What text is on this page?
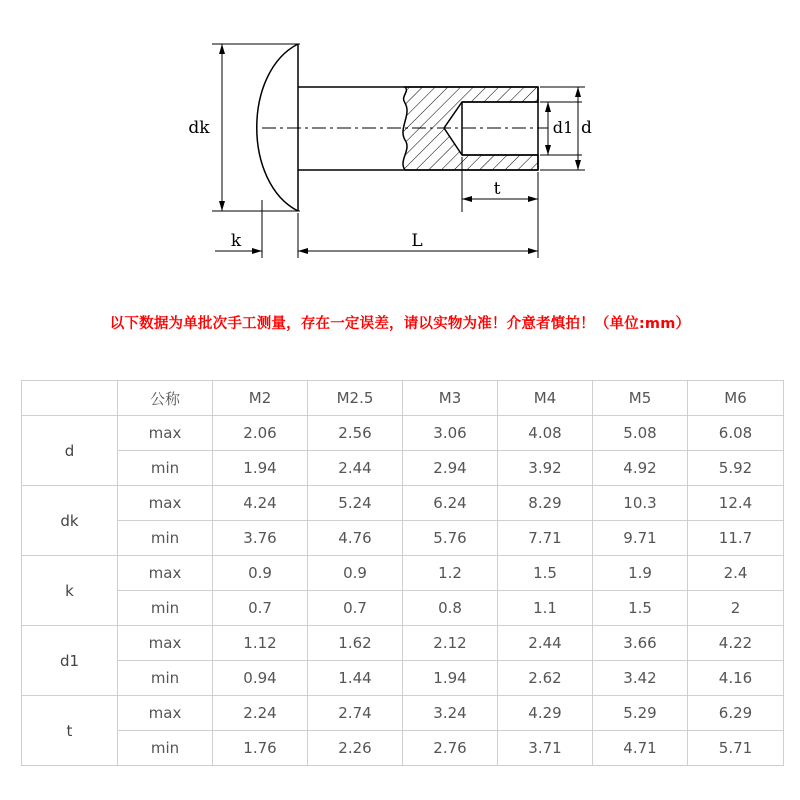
dk	d1 d
t
k	L
以下数据为单批次手工测量，存在一定误差，请以实物为准！介意者慎拍！（单位:mm）
	公称	M2	M2.5	M3	M4	M5	M6
d	max	2.06	2.56	3.06	4.08	5.08	6.08
	min	1.94	2.44	2.94	3.92	4.92	5.92
dk	max	4.24	5.24	6.24	8.29	10.3	12.4
	min	3.76	4.76	5.76	7.71	9.71	11.7
k	max	0.9	0.9	1.2	1.5	1.9	2.4
	min	0.7	0.7	0.8	1.1	1.5	2
d1	max	1.12	1.62	2.12	2.44	3.66	4.22
	min	0.94	1.44	1.94	2.62	3.42	4.16
t	max	2.24	2.74	3.24	4.29	5.29	6.29
	min	1.76	2.26	2.76	3.71	4.71	5.71
